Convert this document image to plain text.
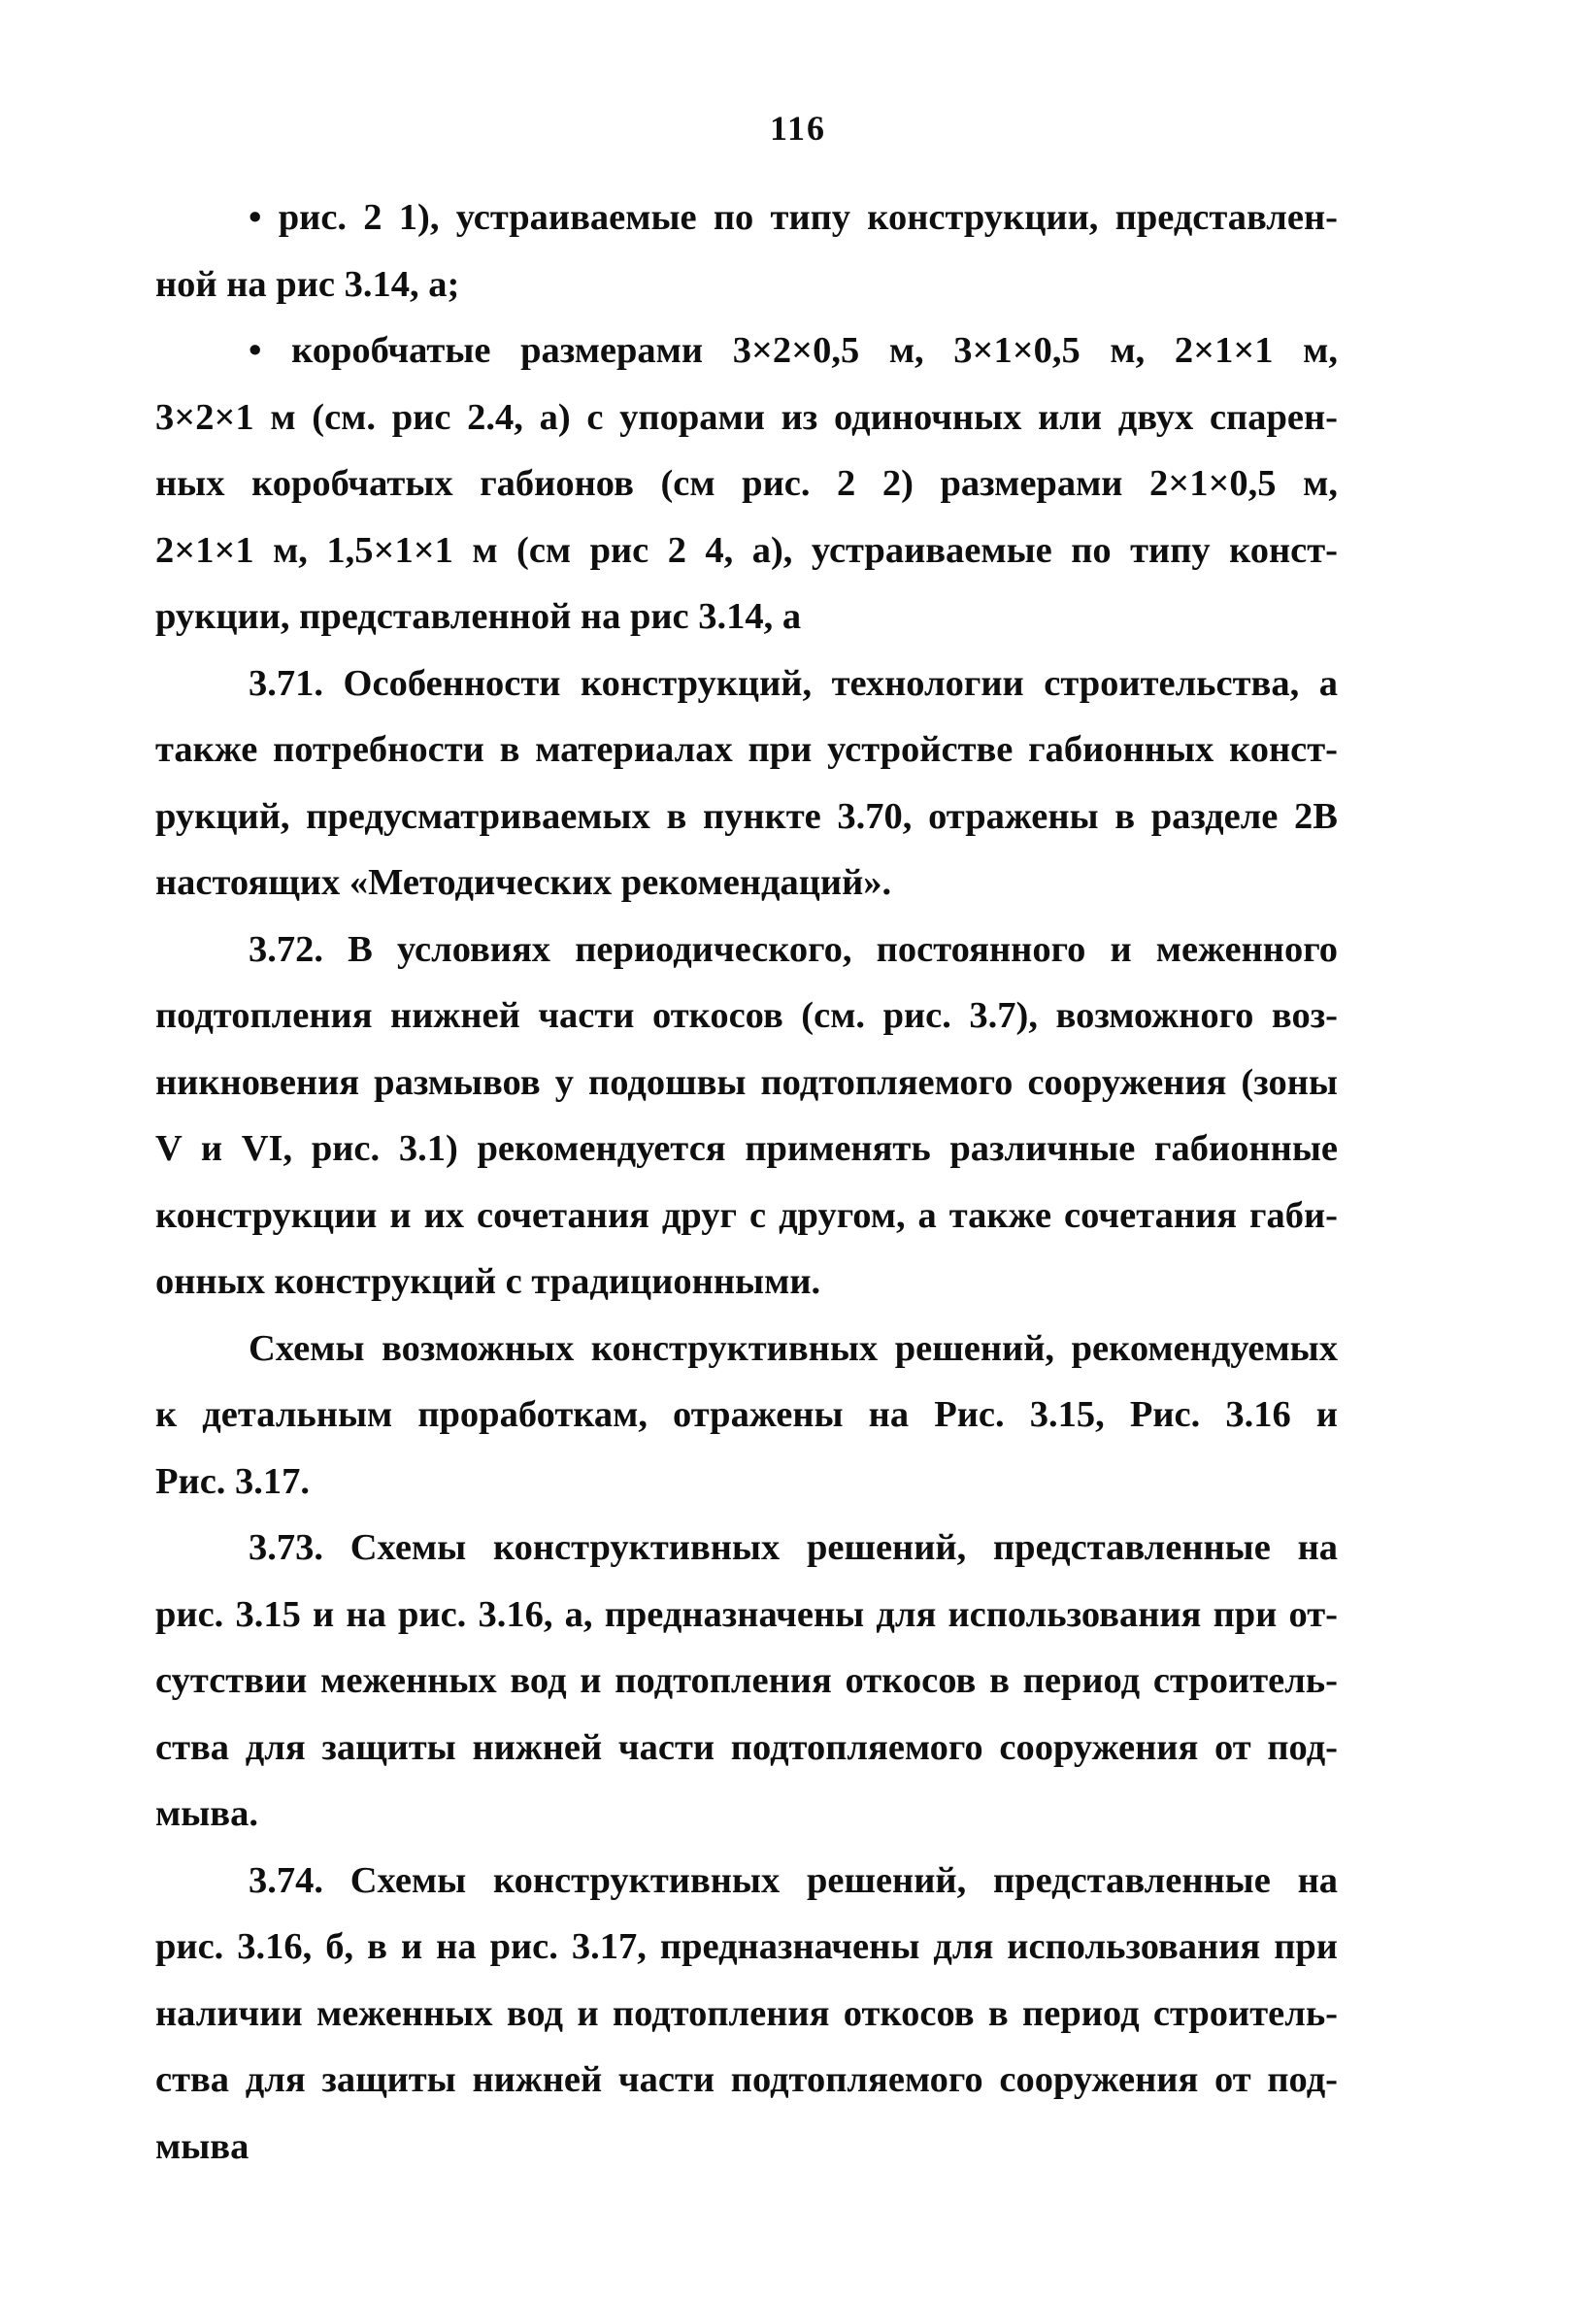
116
• рис. 2 1), устраиваемые по типу конструкции, представлен-
ной на рис 3.14, а;
• коробчатые размерами 3×2×0,5 м, 3×1×0,5 м, 2×1×1 м,
3×2×1 м (см. рис 2.4, а) с упорами из одиночных или двух спарен-
ных коробчатых габионов (см рис. 2 2) размерами 2×1×0,5 м,
2×1×1 м, 1,5×1×1 м (см рис 2 4, а), устраиваемые по типу конст-
рукции, представленной на рис 3.14, а
3.71. Особенности конструкций, технологии строительства, а
также потребности в материалах при устройстве габионных конст-
рукций, предусматриваемых в пункте 3.70, отражены в разделе 2В
настоящих «Методических рекомендаций».
3.72. В условиях периодического, постоянного и меженного
подтопления нижней части откосов (см. рис. 3.7), возможного воз-
никновения размывов у подошвы подтопляемого сооружения (зоны
V и VI, рис. 3.1) рекомендуется применять различные габионные
конструкции и их сочетания друг с другом, а также сочетания габи-
онных конструкций с традиционными.
Схемы возможных конструктивных решений, рекомендуемых
к детальным проработкам, отражены на Рис. 3.15, Рис. 3.16 и
Рис. 3.17.
3.73. Схемы конструктивных решений, представленные на
рис. 3.15 и на рис. 3.16, а, предназначены для использования при от-
сутствии меженных вод и подтопления откосов в период строитель-
ства для защиты нижней части подтопляемого сооружения от под-
мыва.
3.74. Схемы конструктивных решений, представленные на
рис. 3.16, б, в и на рис. 3.17, предназначены для использования при
наличии меженных вод и подтопления откосов в период строитель-
ства для защиты нижней части подтопляемого сооружения от под-
мыва
